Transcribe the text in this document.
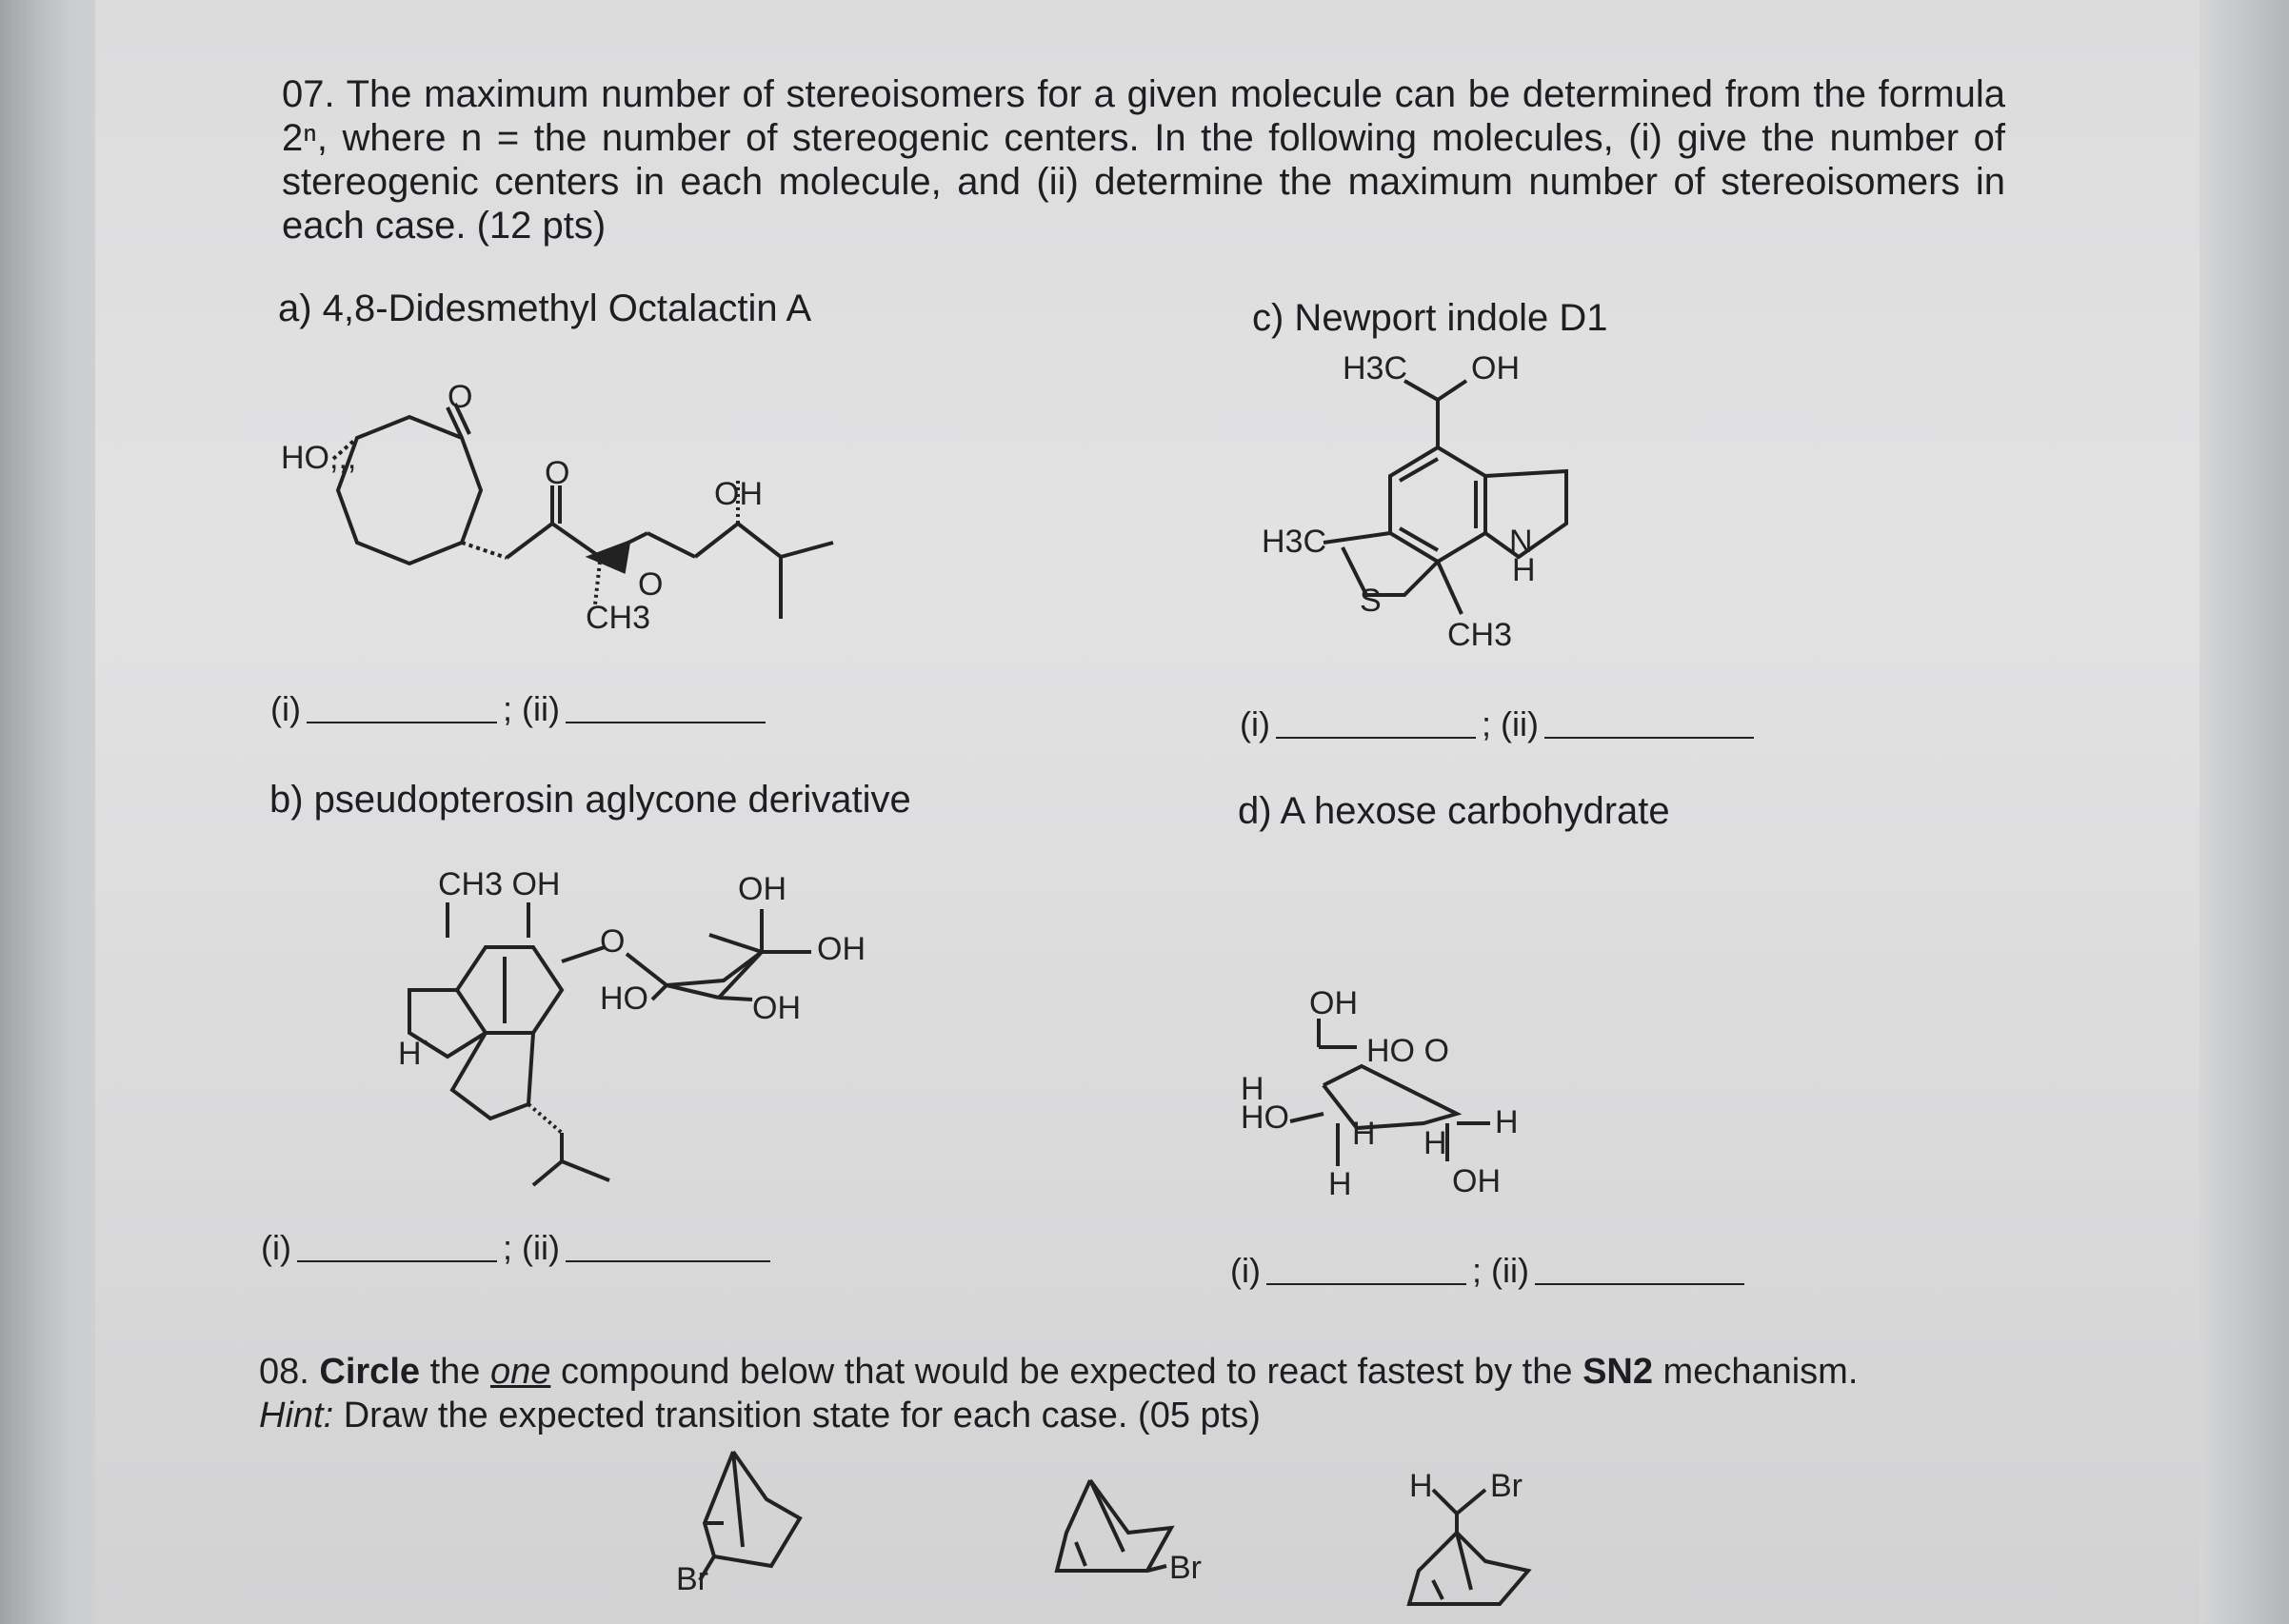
07. The maximum number of stereoisomers for a given molecule can be determined from the formula 2ⁿ, where n = the number of stereogenic centers. In the following molecules, (i) give the number of stereogenic centers in each molecule, and (ii) determine the maximum number of stereoisomers in each case. (12 pts)
a) 4,8-Didesmethyl Octalactin A	c) Newport indole D1
b) pseudopterosin aglycone derivative	d) A hexose carbohydrate
(i)	; (ii)	(i)	; (ii)
(i)	; (ii)
(i)	; (ii)
O
HO,,,	O
O
CH3
OH
H3C OH
N
H
H3C
S
CH3
CH3 OH
H`
O
HO
OH
OH
OH	OH
HO O
H
HO H H
H	OH
H
08. Circle the one compound below that would be expected to react fastest by the SN2 mechanism.
Hint: Draw the expected transition state for each case. (05 pts)
Br	Br
H Br
